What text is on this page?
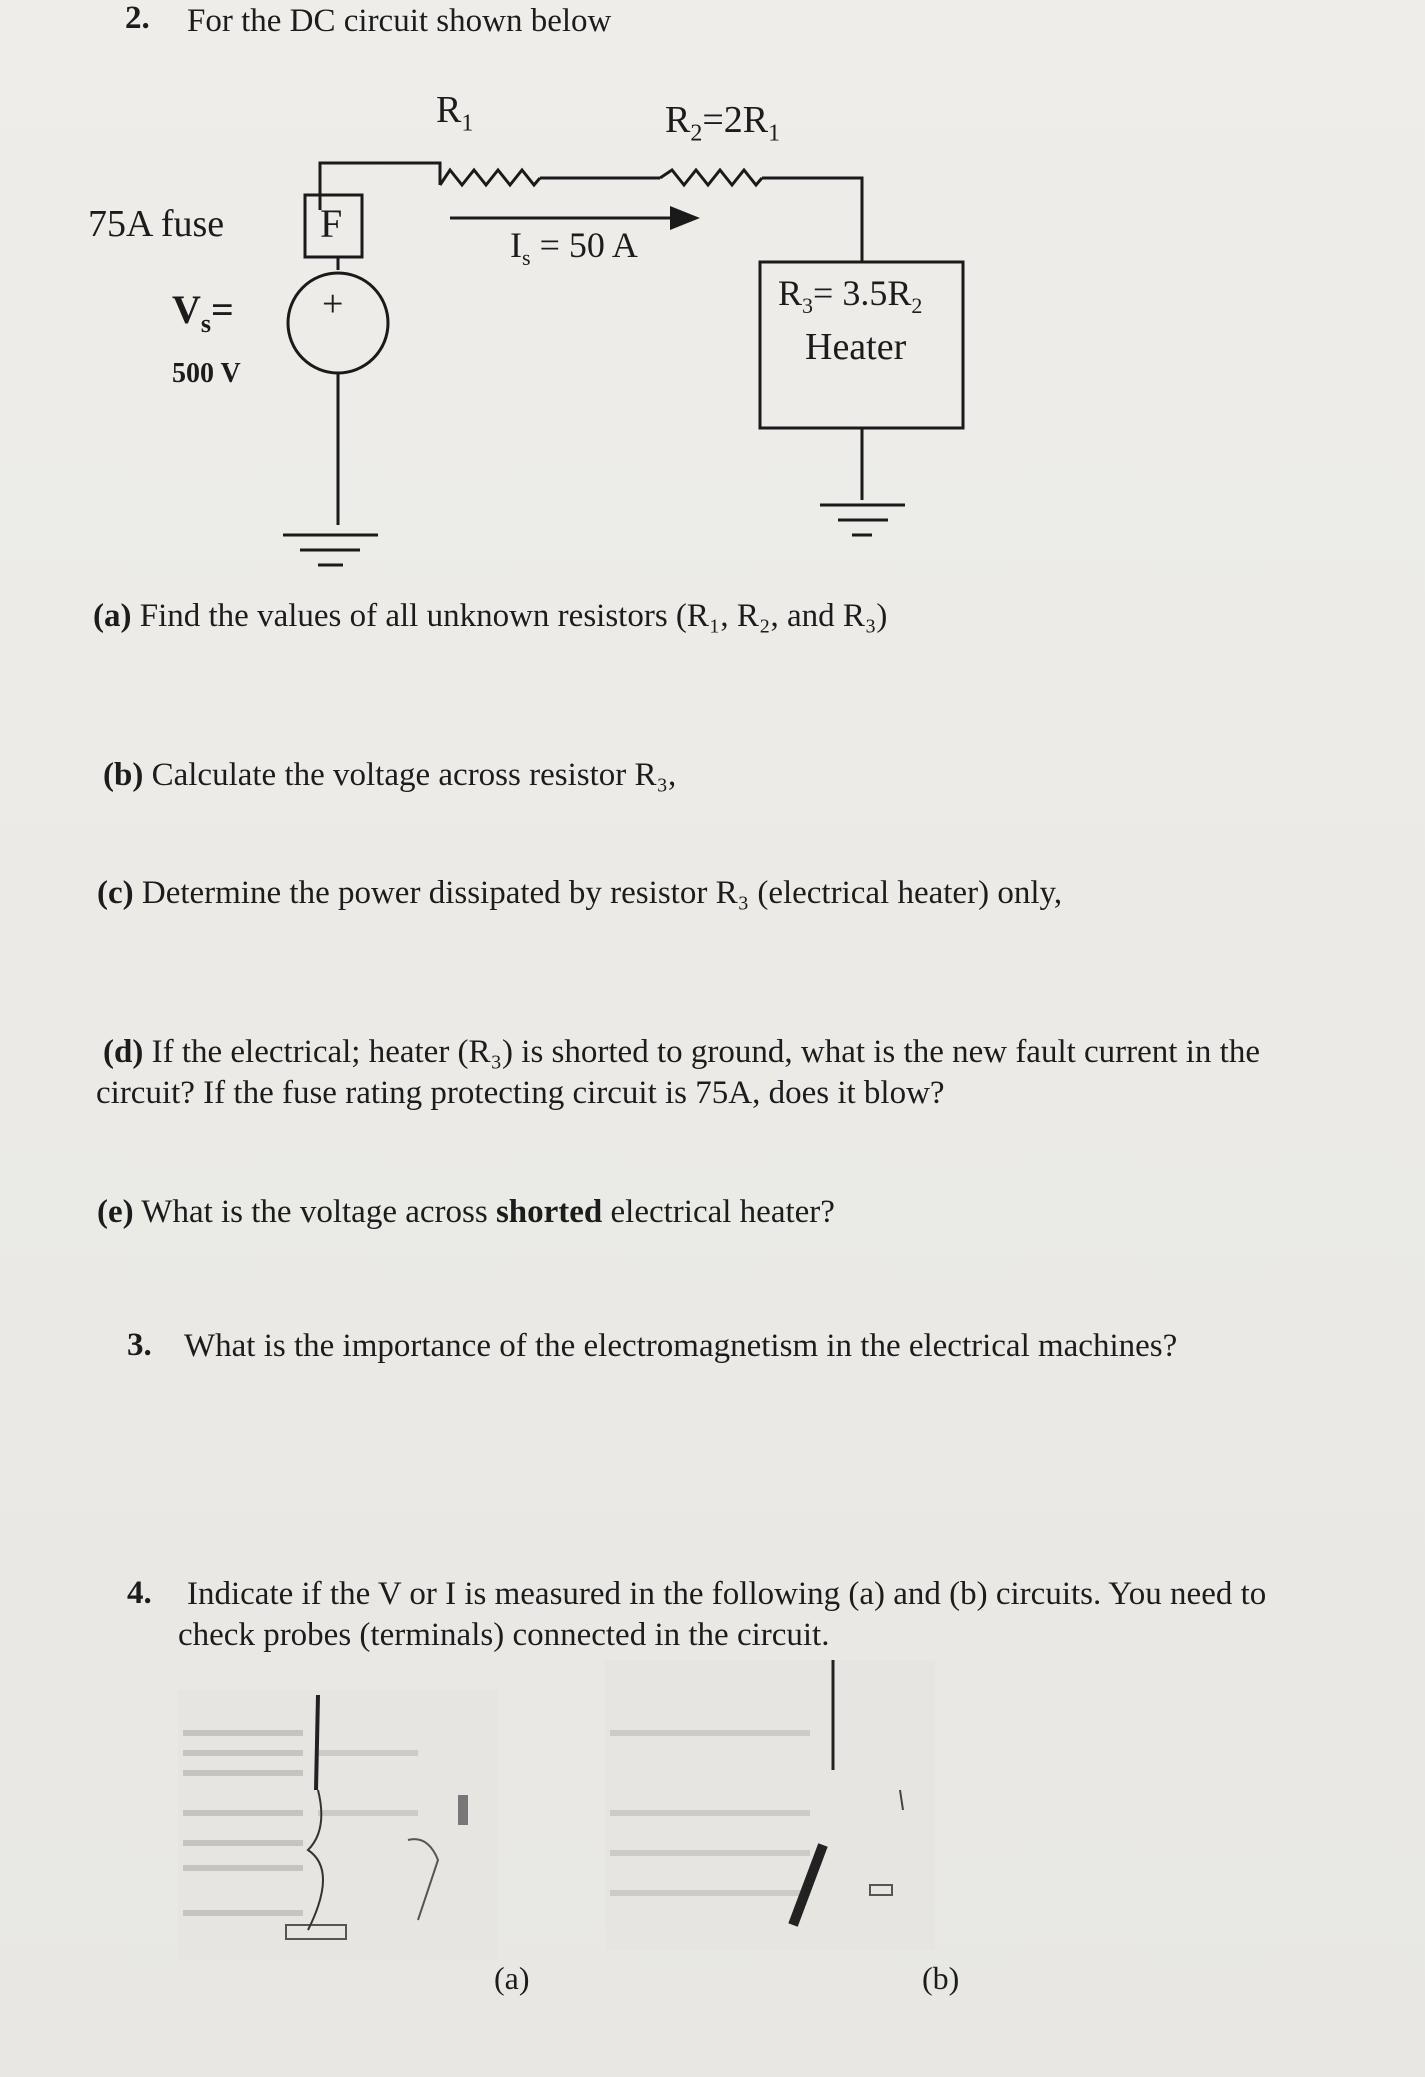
2. For the DC circuit shown below
75A fuse F
+
$V_s=$
500 V
$R_1$	$R_2=2R_1$
$I_s = 50$ A
$R_3= 3.5R_2$
Heater
(a) Find the values of all unknown resistors (R₁, R₂, and R₃)
(b) Calculate the voltage across resistor R₃,
(c) Determine the power dissipated by resistor R₃ (electrical heater) only,
(d) If the electrical; heater (R₃) is shorted to ground, what is the new fault current in the
circuit? If the fuse rating protecting circuit is 75A, does it blow?
(e) What is the voltage across shorted electrical heater?
3. What is the importance of the electromagnetism in the electrical machines?
4. Indicate if the V or I is measured in the following (a) and (b) circuits. You need to
check probes (terminals) connected in the circuit.
(a)	(b)
